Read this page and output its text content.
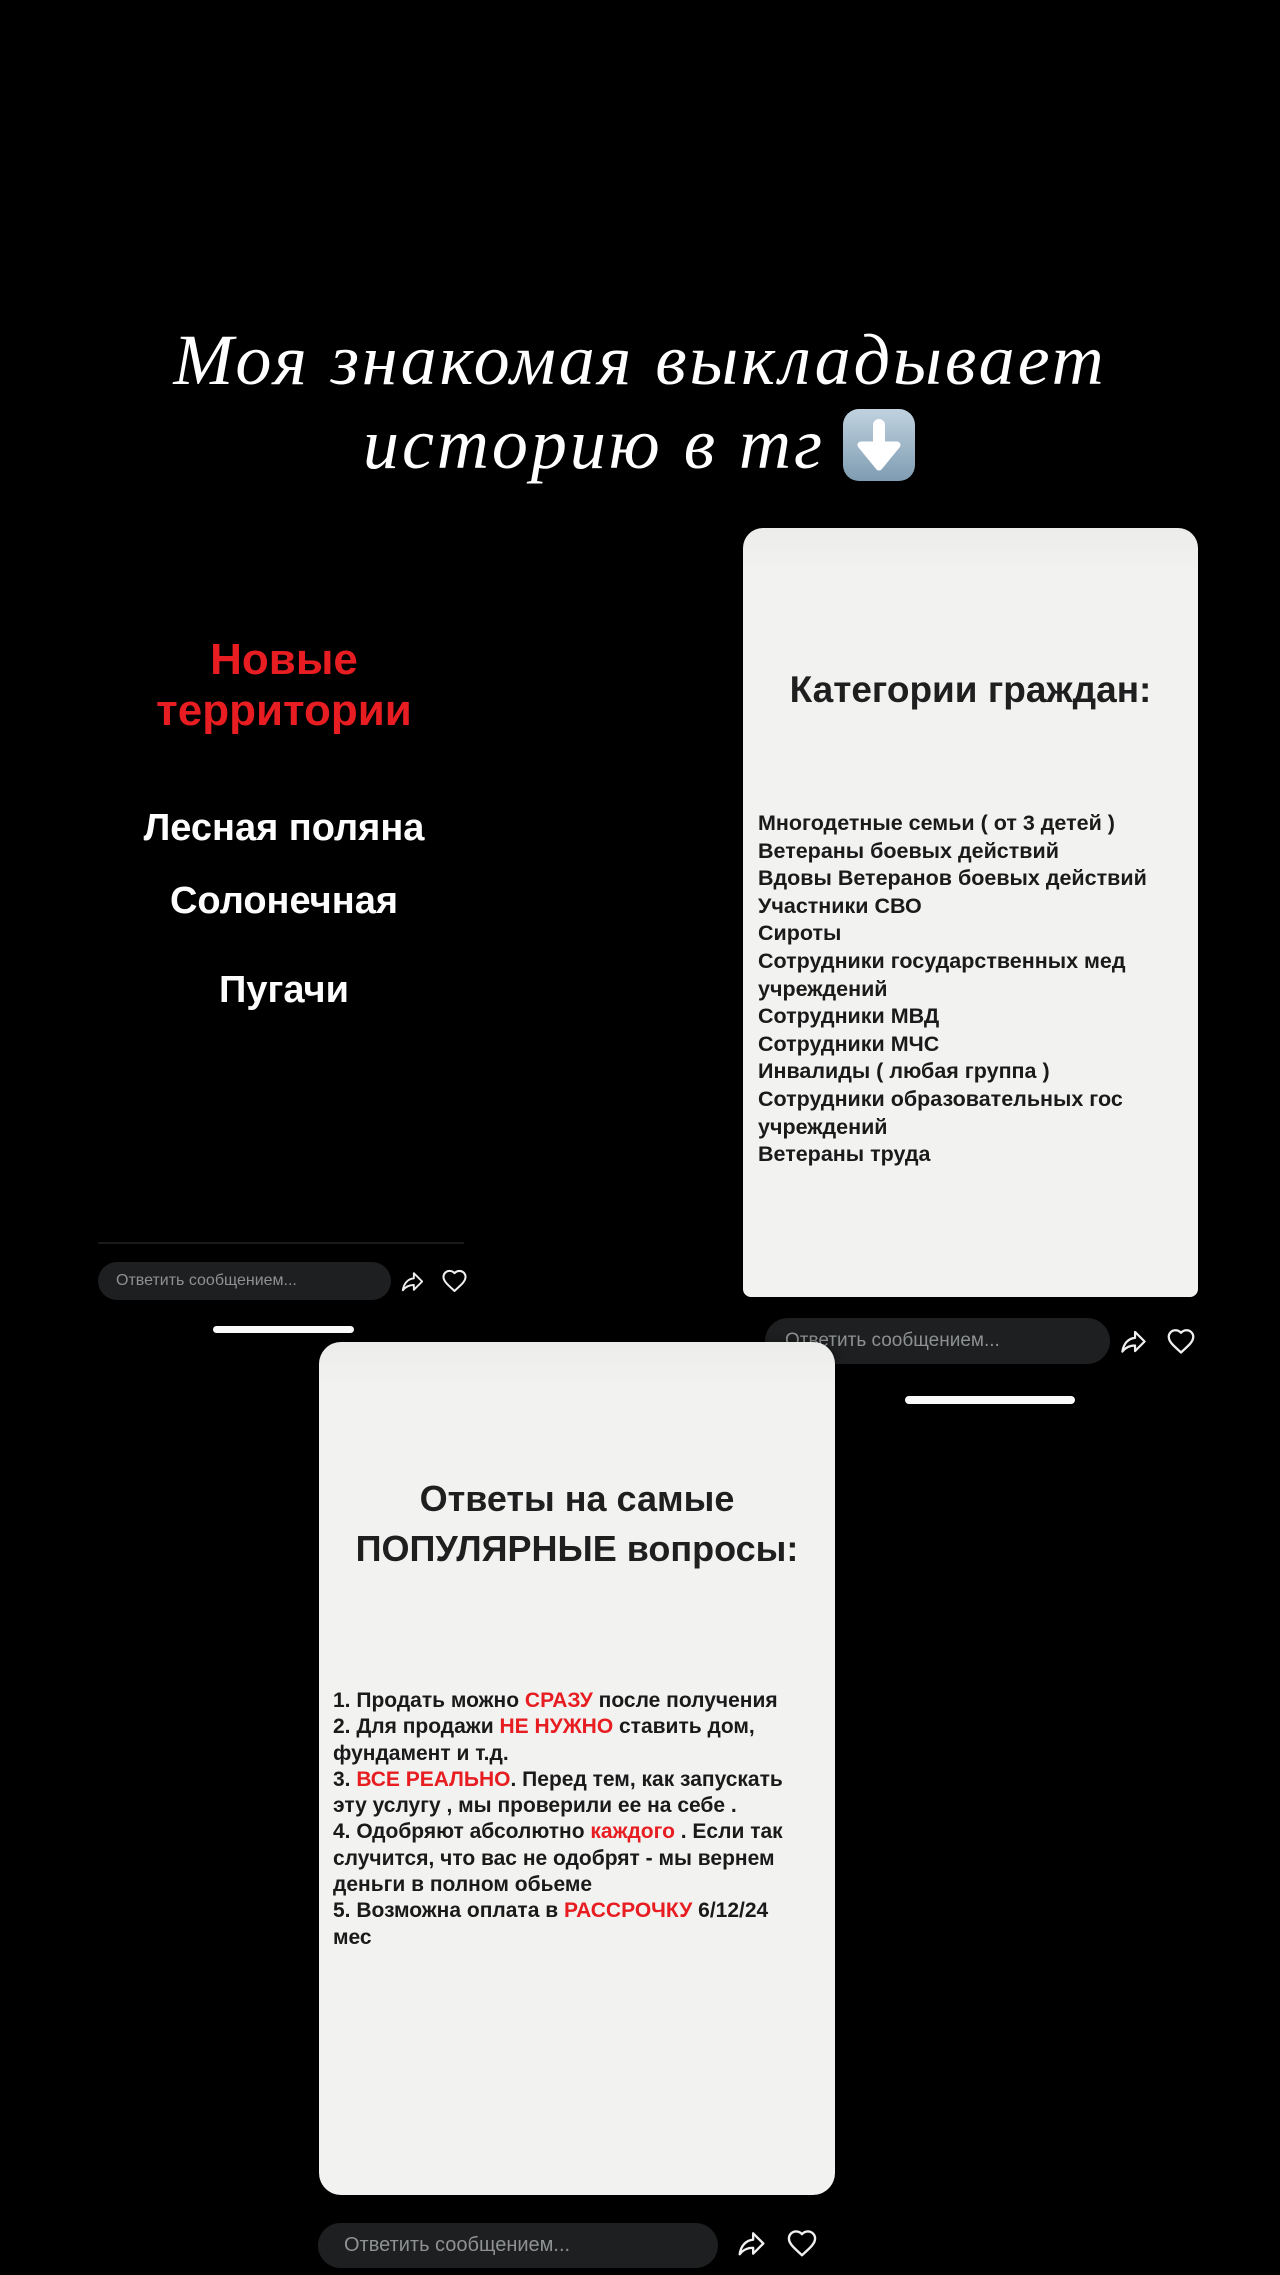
Моя знакомая выкладывает
историю в тг
Новые
территории
Лесная поляна
Солонечная
Пугачи
Ответить сообщением...
Категории граждан:
Многодетные семьи ( от 3 детей )
Ветераны боевых действий
Вдовы Ветеранов боевых действий
Участники СВО
Сироты
Сотрудники государственных мед
учреждений
Сотрудники МВД
Сотрудники МЧС
Инвалиды ( любая группа )
Сотрудники образовательных гос
учреждений
Ветераны труда
Ответить сообщением...
Ответы на самые
ПОПУЛЯРНЫЕ вопросы:
1. Продать можно СРАЗУ после получения
2. Для продажи НЕ НУЖНО ставить дом,
фундамент и т.д.
3. ВСЕ РЕАЛЬНО. Перед тем, как запускать
эту услугу , мы проверили ее на себе .
4. Одобряют абсолютно каждого . Если так
случится, что вас не одобрят - мы вернем
деньги в полном обьеме
5. Возможна оплата в РАССРОЧКУ 6/12/24
мес
Ответить сообщением...
